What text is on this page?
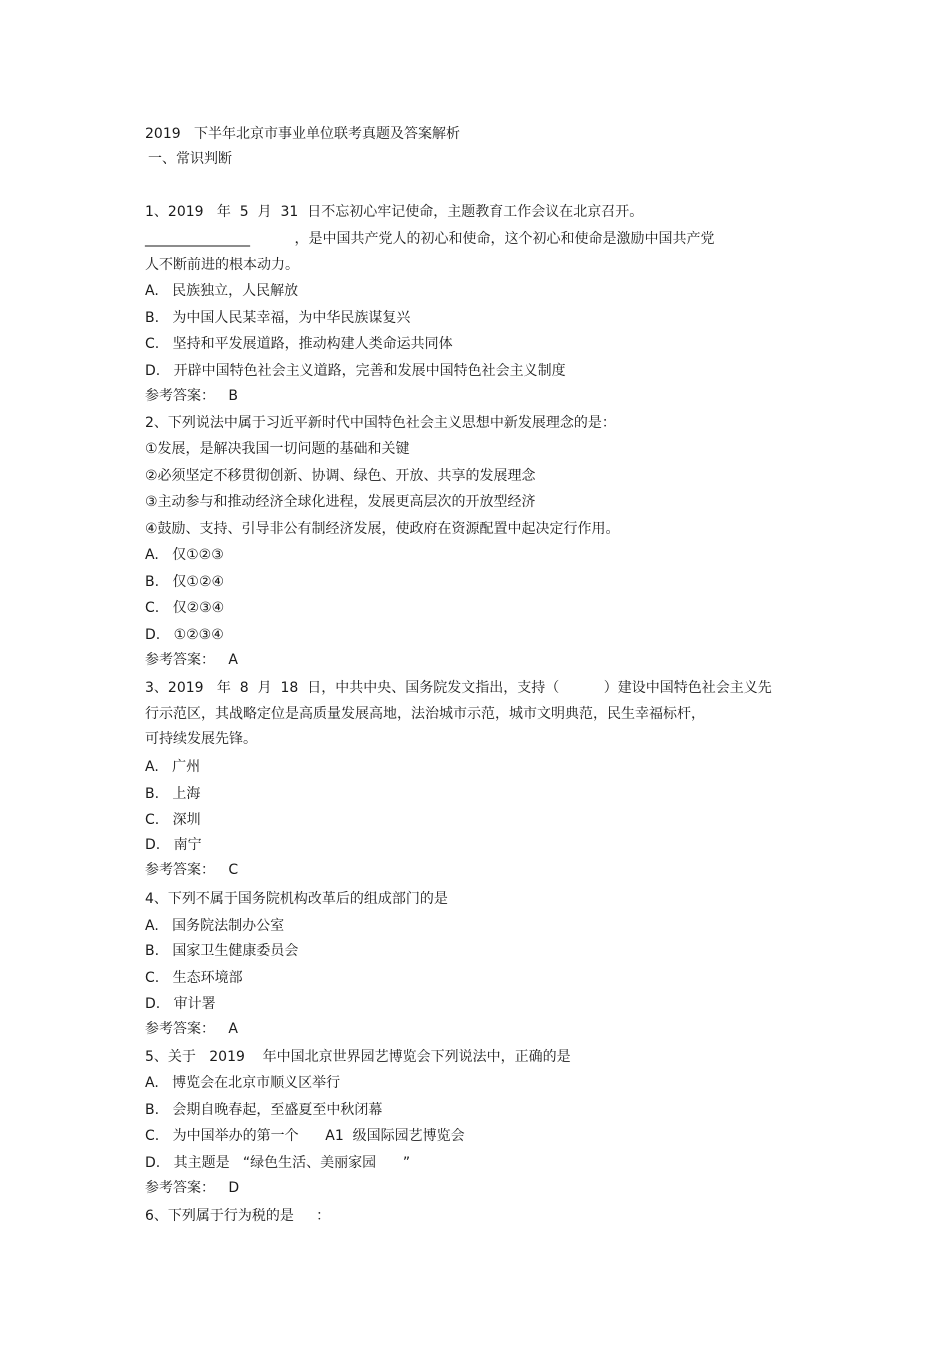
2019   下半年北京市事业单位联考真题及答案解析
一、常识判断
1、2019   年  5  月  31  日不忘初心牢记使命，主题教育工作会议在北京召开。
_______________          ，是中国共产党人的初心和使命，这个初心和使命是激励中国共产党
人不断前进的根本动力。
A.   民族独立，人民解放
B.   为中国人民某幸福，为中华民族谋复兴
C.   坚持和平发展道路，推动构建人类命运共同体
D.   开辟中国特色社会主义道路，完善和发展中国特色社会主义制度
参考答案：   B
2、下列说法中属于习近平新时代中国特色社会主义思想中新发展理念的是：
①发展，是解决我国一切问题的基础和关键
②必须坚定不移贯彻创新、协调、绿色、开放、共享的发展理念
③主动参与和推动经济全球化进程，发展更高层次的开放型经济
④鼓励、支持、引导非公有制经济发展，使政府在资源配置中起决定行作用。
A.   仅①②③
B.   仅①②④
C.   仅②③④
D.   ①②③④
参考答案：   A
3、2019   年  8  月  18  日，中共中央、国务院发文指出，支持（          ）建设中国特色社会主义先
行示范区，其战略定位是高质量发展高地，法治城市示范，城市文明典范，民生幸福标杆，
可持续发展先锋。
A.   广州
B.   上海
C.   深圳
D.   南宁
参考答案：   C
4、下列不属于国务院机构改革后的组成部门的是
A.   国务院法制办公室
B.   国家卫生健康委员会
C.   生态环境部
D.   审计署
参考答案：   A
5、关于   2019    年中国北京世界园艺博览会下列说法中，正确的是
A.   博览会在北京市顺义区举行
B.   会期自晚春起，至盛夏至中秋闭幕
C.   为中国举办的第一个      A1  级国际园艺博览会
D.   其主题是   “绿色生活、美丽家园      ”
参考答案：   D
6、下列属于行为税的是     ：
